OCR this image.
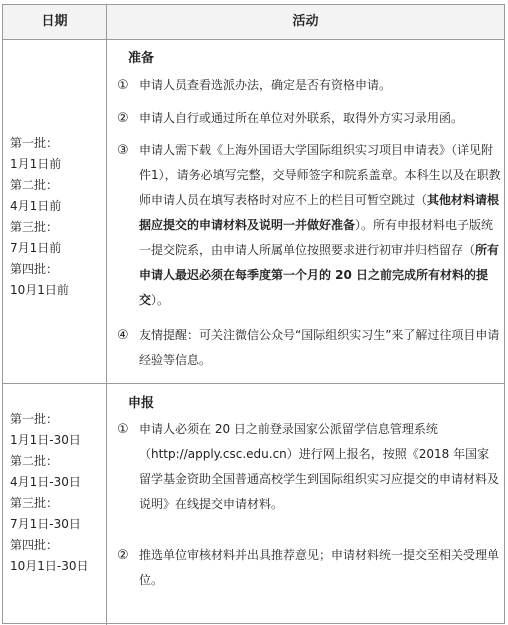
日期	活动
第一批：
1月1日前
第二批：
4月1日前
第三批：
7月1日前
第四批：
10月1日前
准备
① 申请人员查看选派办法，确定是否有资格申请。
② 申请人自行或通过所在单位对外联系，取得外方实习录用函。
③ 申请人需下载《上海外国语大学国际组织实习项目申请表》（详见附件1），请务必填写完整，交导师签字和院系盖章。本科生以及在职教师申请人员在填写表格时对应不上的栏目可暂空跳过（其他材料请根据应提交的申请材料及说明一并做好准备）。所有申报材料电子版统一提交院系，由申请人所属单位按照要求进行初审并归档留存（所有申请人最迟必须在每季度第一个月的 20 日之前完成所有材料的提交）。
④ 友情提醒：可关注微信公众号“国际组织实习生”来了解过往项目申请经验等信息。
第一批：
1月1日-30日
第二批：
4月1日-30日
第三批：
7月1日-30日
第四批：
10月1日-30日
申报
① 申请人必须在 20 日之前登录国家公派留学信息管理系统（http://apply.csc.edu.cn）进行网上报名，按照《2018 年国家留学基金资助全国普通高校学生到国际组织实习应提交的申请材料及说明》在线提交申请材料。
② 推选单位审核材料并出具推荐意见；申请材料统一提交至相关受理单位。
